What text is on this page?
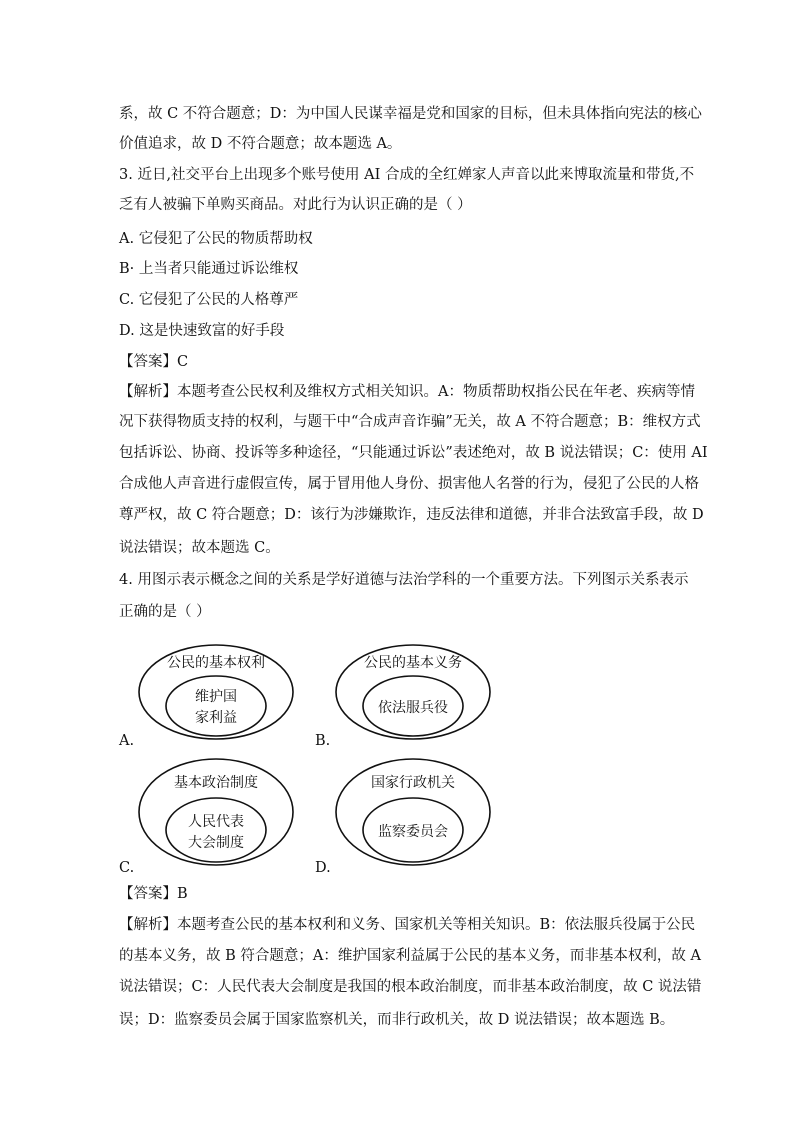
系，故 C 不符合题意；D：为中国人民谋幸福是党和国家的目标，但未具体指向宪法的核心
价值追求，故 D 不符合题意；故本题选 A。
3. 近日,社交平台上出现多个账号使用 AI 合成的全红婵家人声音以此来博取流量和带货,不
乏有人被骗下单购买商品。对此行为认识正确的是（ ）
A. 它侵犯了公民的物质帮助权
B· 上当者只能通过诉讼维权
C. 它侵犯了公民的人格尊严
D. 这是快速致富的好手段
【答案】C
【解析】本题考查公民权利及维权方式相关知识。A：物质帮助权指公民在年老、疾病等情
况下获得物质支持的权利，与题干中“合成声音诈骗”无关，故 A 不符合题意；B：维权方式
包括诉讼、协商、投诉等多种途径，“只能通过诉讼”表述绝对，故 B 说法错误；C：使用 AI
合成他人声音进行虚假宣传，属于冒用他人身份、损害他人名誉的行为，侵犯了公民的人格
尊严权，故 C 符合题意；D：该行为涉嫌欺诈，违反法律和道德，并非合法致富手段，故 D
说法错误；故本题选 C。
4. 用图示表示概念之间的关系是学好道德与法治学科的一个重要方法。下列图示关系表示
正确的是（ ）
公民的基本权利
维护国
家利益
A.
公民的基本义务
依法服兵役
B.
基本政治制度
人民代表
大会制度
C.
国家行政机关
监察委员会
D.
【答案】B
【解析】本题考查公民的基本权利和义务、国家机关等相关知识。B：依法服兵役属于公民
的基本义务，故 B 符合题意；A：维护国家利益属于公民的基本义务，而非基本权利，故 A
说法错误；C：人民代表大会制度是我国的根本政治制度，而非基本政治制度，故 C 说法错
误；D：监察委员会属于国家监察机关，而非行政机关，故 D 说法错误；故本题选 B。
